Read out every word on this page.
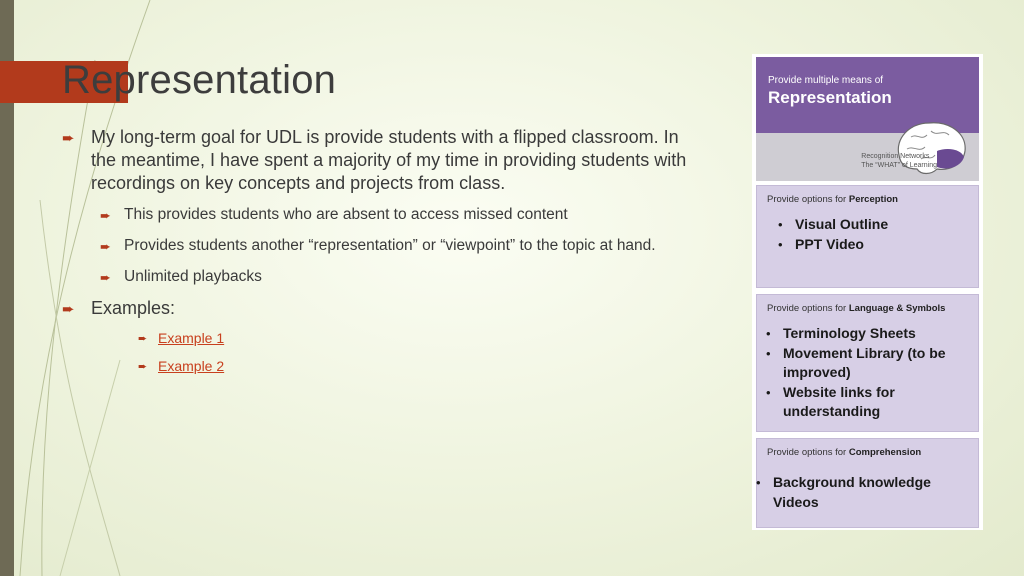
Representation
➨ My long-term goal for UDL is provide students with a flipped classroom. In the meantime, I have spent a majority of my time in providing students with recordings on key concepts and projects from class.
➨ This provides students who are absent to access missed content
➨ Provides students another “representation” or “viewpoint” to the topic at hand.
➨ Unlimited playbacks
➨ Examples:
➨ Example 1
➨ Example 2
Provide multiple means of
Representation
Recognition Networks
The “WHAT” of Learning
Provide options for Perception
• Visual Outline
• PPT Video
Provide options for Language & Symbols
• Terminology Sheets
• Movement Library (to be improved)
• Website links for understanding
Provide options for Comprehension
• Background knowledge Videos
